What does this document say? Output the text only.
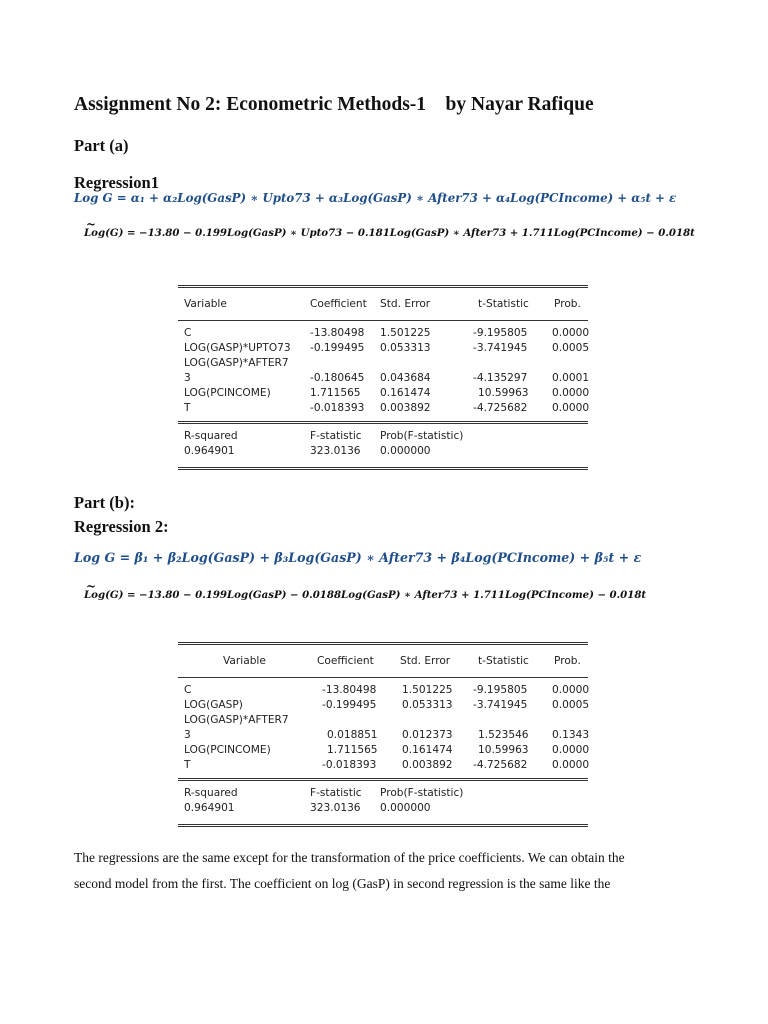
Assignment No 2: Econometric Methods-1    by Nayar Rafique
Part (a)
Regression1
Log G = α₁ + α₂Log(GasP) ∗ Upto73 + α₃Log(GasP) ∗ After73 + α₄Log(PCIncome) + α₅t + ε
~ Log(G) = −13.80 − 0.199Log(GasP) ∗ Upto73 − 0.181Log(GasP) ∗ After73 + 1.711Log(PCIncome) − 0.018t
Variable	Coefficient Std. Error	t-Statistic Prob.
C	-13.80498 1.501225	-9.195805 0.0000
LOG(GASP)*UPTO73 -0.199495 0.053313	-3.741945 0.0005
LOG(GASP)*AFTER7
3	-0.180645 0.043684	-4.135297 0.0001
LOG(PCINCOME)	1.711565 0.161474	10.59963 0.0000
T	-0.018393 0.003892	-4.725682 0.0000
R-squared	F-statistic Prob(F-statistic)
0.964901	323.0136 0.000000
Part (b):
Regression 2:
Log G = β₁ + β₂Log(GasP) + β₃Log(GasP) ∗ After73 + β₄Log(PCIncome) + β₅t + ε
~ Log(G) = −13.80 − 0.199Log(GasP) − 0.0188Log(GasP) ∗ After73 + 1.711Log(PCIncome) − 0.018t
Variable	Coefficient Std. Error	t-Statistic Prob.
C	-13.80498 1.501225 -9.195805 0.0000
LOG(GASP)	-0.199495 0.053313 -3.741945 0.0005
LOG(GASP)*AFTER7
3	0.018851 0.012373 1.523546 0.1343
LOG(PCINCOME)	1.711565 0.161474 10.59963 0.0000
T	-0.018393 0.003892 -4.725682 0.0000
R-squared	F-statistic Prob(F-statistic)
0.964901	323.0136 0.000000

The regressions are the same except for the transformation of the price coefficients. We can obtain the

second model from the first. The coefficient on log (GasP) in second regression is the same like the
